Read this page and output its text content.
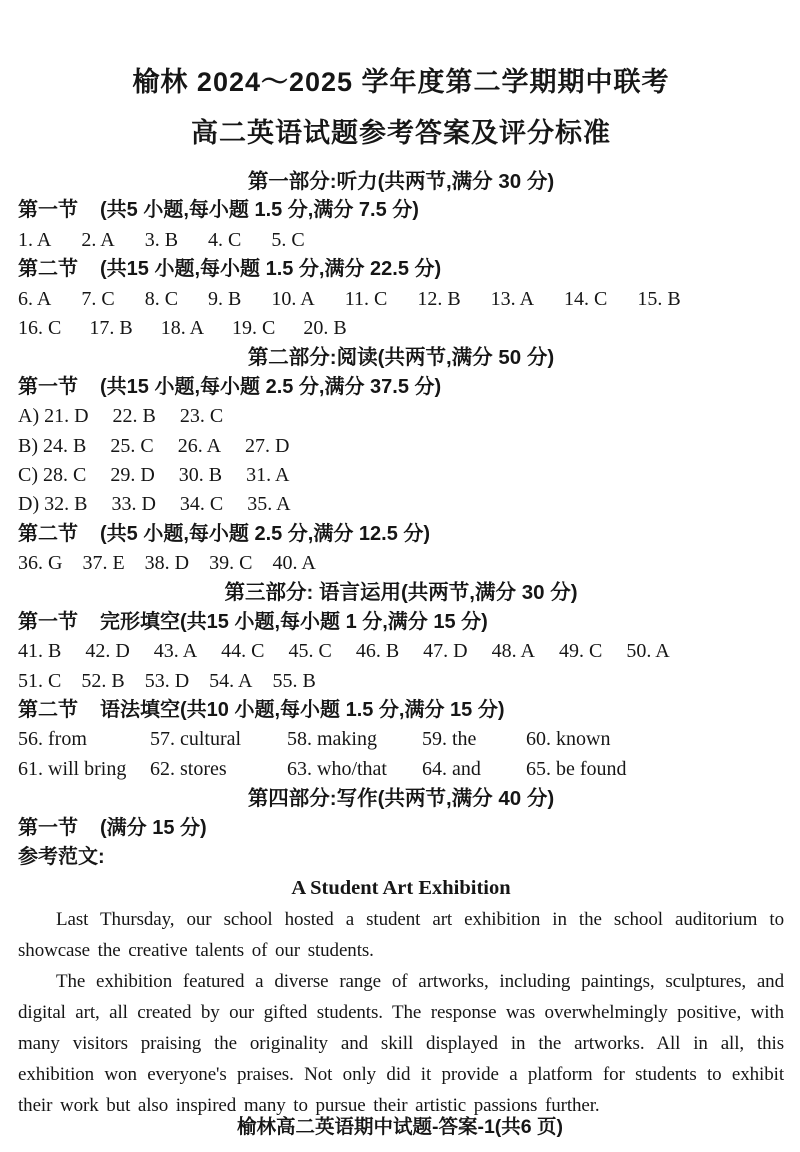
榆林 2024～2025 学年度第二学期期中联考
高二英语试题参考答案及评分标准
第一部分:听力(共两节,满分 30 分)
第一节 (共5 小题,每小题 1.5 分,满分 7.5 分)
1. A 2. A 3. B 4. C 5. C
第二节 (共15 小题,每小题 1.5 分,满分 22.5 分)
6. A 7. C 8. C 9. B 10. A 11. C 12. B 13. A 14. C 15. B
16. C 17. B 18. A 19. C 20. B
第二部分:阅读(共两节,满分 50 分)
第一节 (共15 小题,每小题 2.5 分,满分 37.5 分)
A) 21. D 22. B 23. C
B) 24. B 25. C 26. A 27. D
C) 28. C 29. D 30. B 31. A
D) 32. B 33. D 34. C 35. A
第二节 (共5 小题,每小题 2.5 分,满分 12.5 分)
36. G 37. E 38. D 39. C 40. A
第三部分: 语言运用(共两节,满分 30 分)
第一节 完形填空(共15 小题,每小题 1 分,满分 15 分)
41. B 42. D 43. A 44. C 45. C 46. B 47. D 48. A 49. C 50. A
51. C 52. B 53. D 54. A 55. B
第二节 语法填空(共10 小题,每小题 1.5 分,满分 15 分)
56. from	57. cultural	58. making	59. the	60. known
61. will bring	62. stores	63. who/that	64. and	65. be found
第四部分:写作(共两节,满分 40 分)
第一节 (满分 15 分)
参考范文:
A Student Art Exhibition

Last Thursday, our school hosted a student art exhibition in the school auditorium to showcase the creative talents of our students.

The exhibition featured a diverse range of artworks, including paintings, sculptures, and digital art, all created by our gifted students. The response was overwhelmingly positive, with many visitors praising the originality and skill displayed in the artworks. All in all, this exhibition won everyone's praises. Not only did it provide a platform for students to exhibit their work but also inspired many to pursue their artistic passions further.

榆林高二英语期中试题-答案-1(共6 页)
